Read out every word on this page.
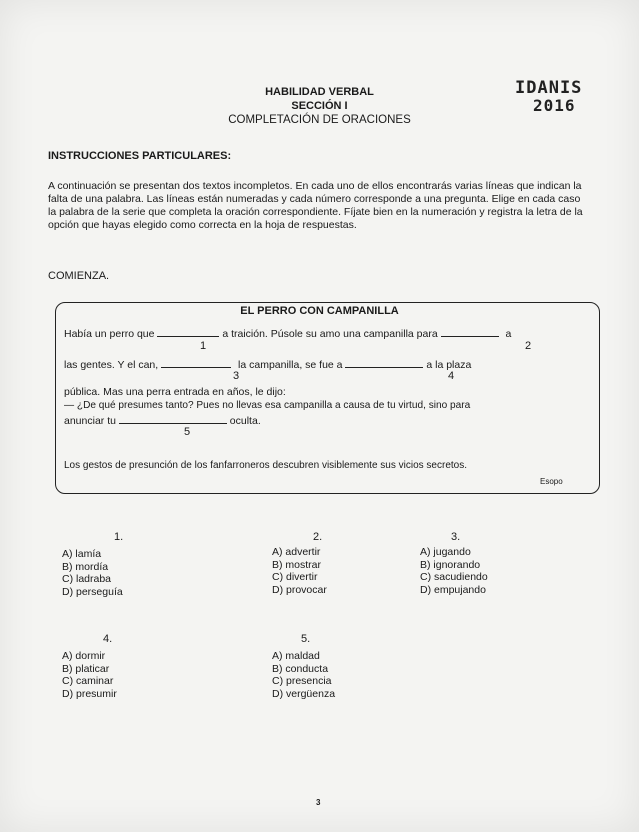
IDANIS
2016
HABILIDAD VERBAL
SECCIÓN I
COMPLETACIÓN DE ORACIONES
INSTRUCCIONES PARTICULARES:
A continuación se presentan dos textos incompletos. En cada uno de ellos encontrarás varias líneas que indican la falta de una palabra. Las líneas están numeradas y cada número corresponde a una pregunta. Elige en cada caso la palabra de la serie que completa la oración correspondiente. Fíjate bien en la numeración y registra la letra de la opción que hayas elegido como correcta en la hoja de respuestas.
COMIENZA.
EL PERRO CON CAMPANILLA
Había un perro que	a traición. Púsole su amo una campanilla para	a
1	2
las gentes. Y el can,	la campanilla, se fue a	a la plaza
3	4
pública. Mas una perra entrada en años, le dijo:
— ¿De qué presumes tanto? Pues no llevas esa campanilla a causa de tu virtud, sino para
anunciar tu	oculta.
5
Los gestos de presunción de los fanfarroneros descubren visiblemente sus vicios secretos.
Esopo
1.
A) lamía
B) mordía
C) ladraba
D) perseguía
2.
A) advertir
B) mostrar
C) divertir
D) provocar
3.
A) jugando
B) ignorando
C) sacudiendo
D) empujando
4.
A) dormir
B) platicar
C) caminar
D) presumir
5.
A) maldad
B) conducta
C) presencia
D) vergüenza
3
